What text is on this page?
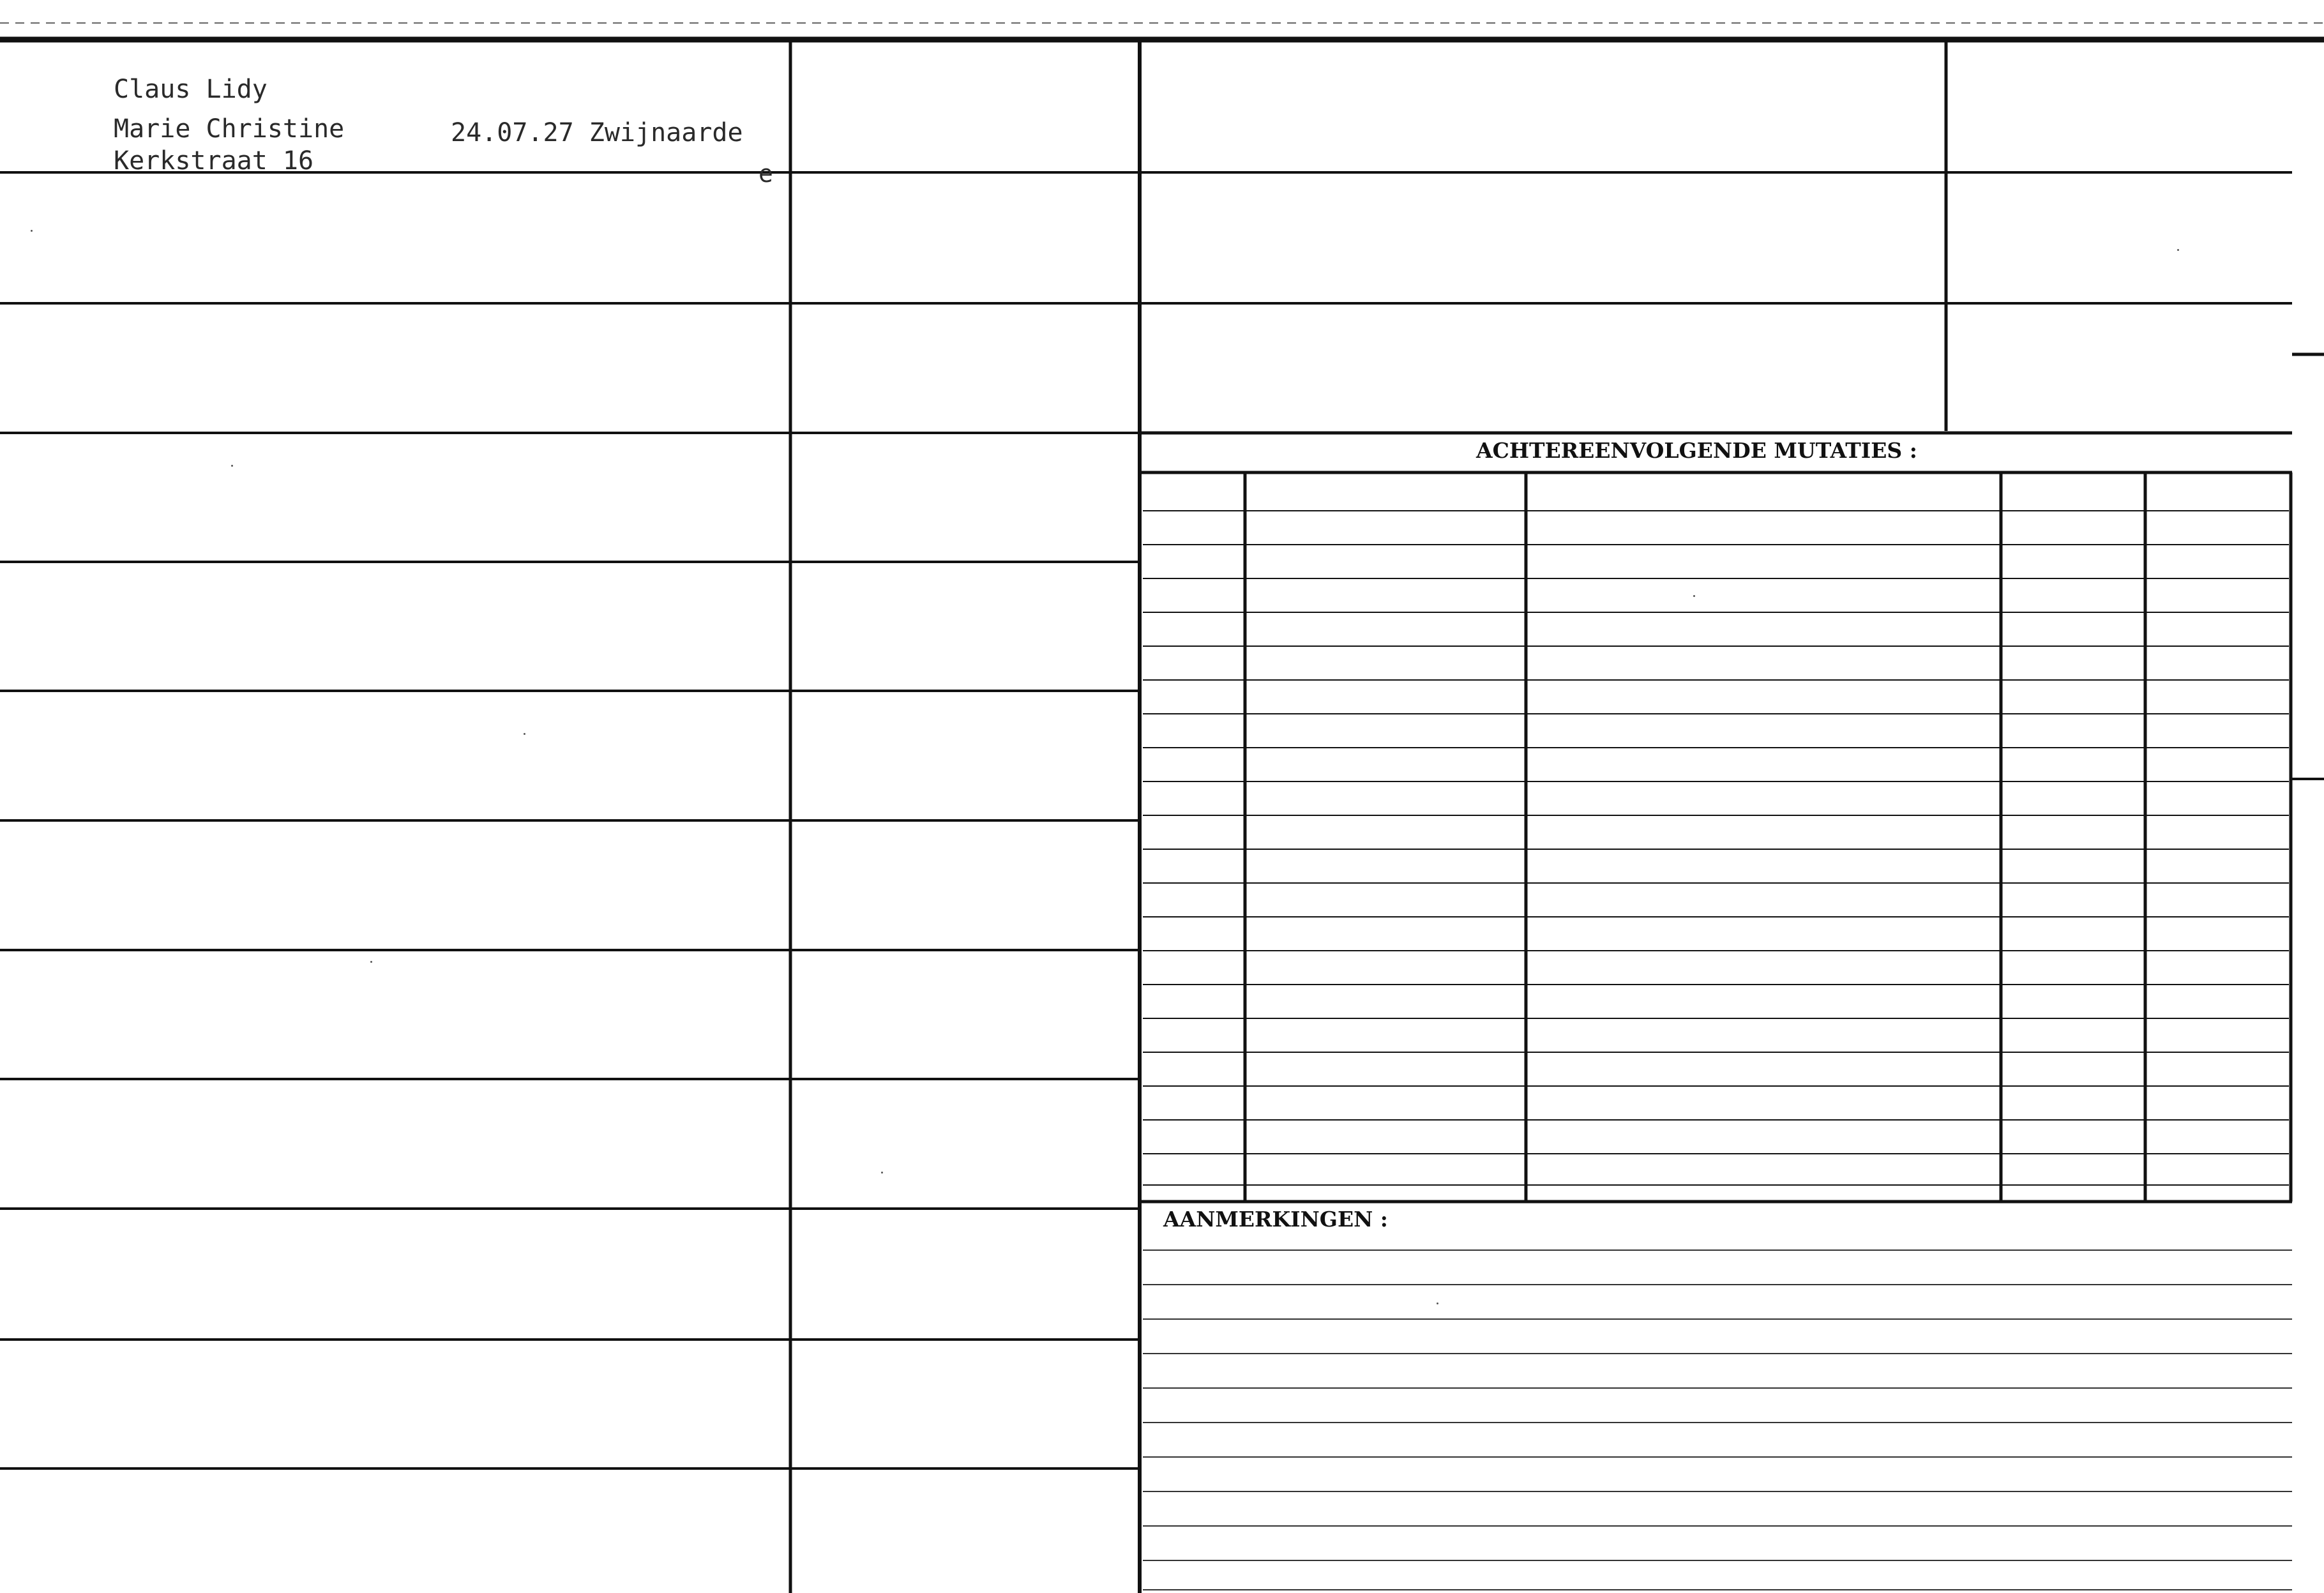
Claus Lidy
Marie Christine
Kerkstraat 16
24.07.27 Zwijnaarde
e
ACHTEREENVOLGENDE MUTATIES :
AANMERKINGEN :
